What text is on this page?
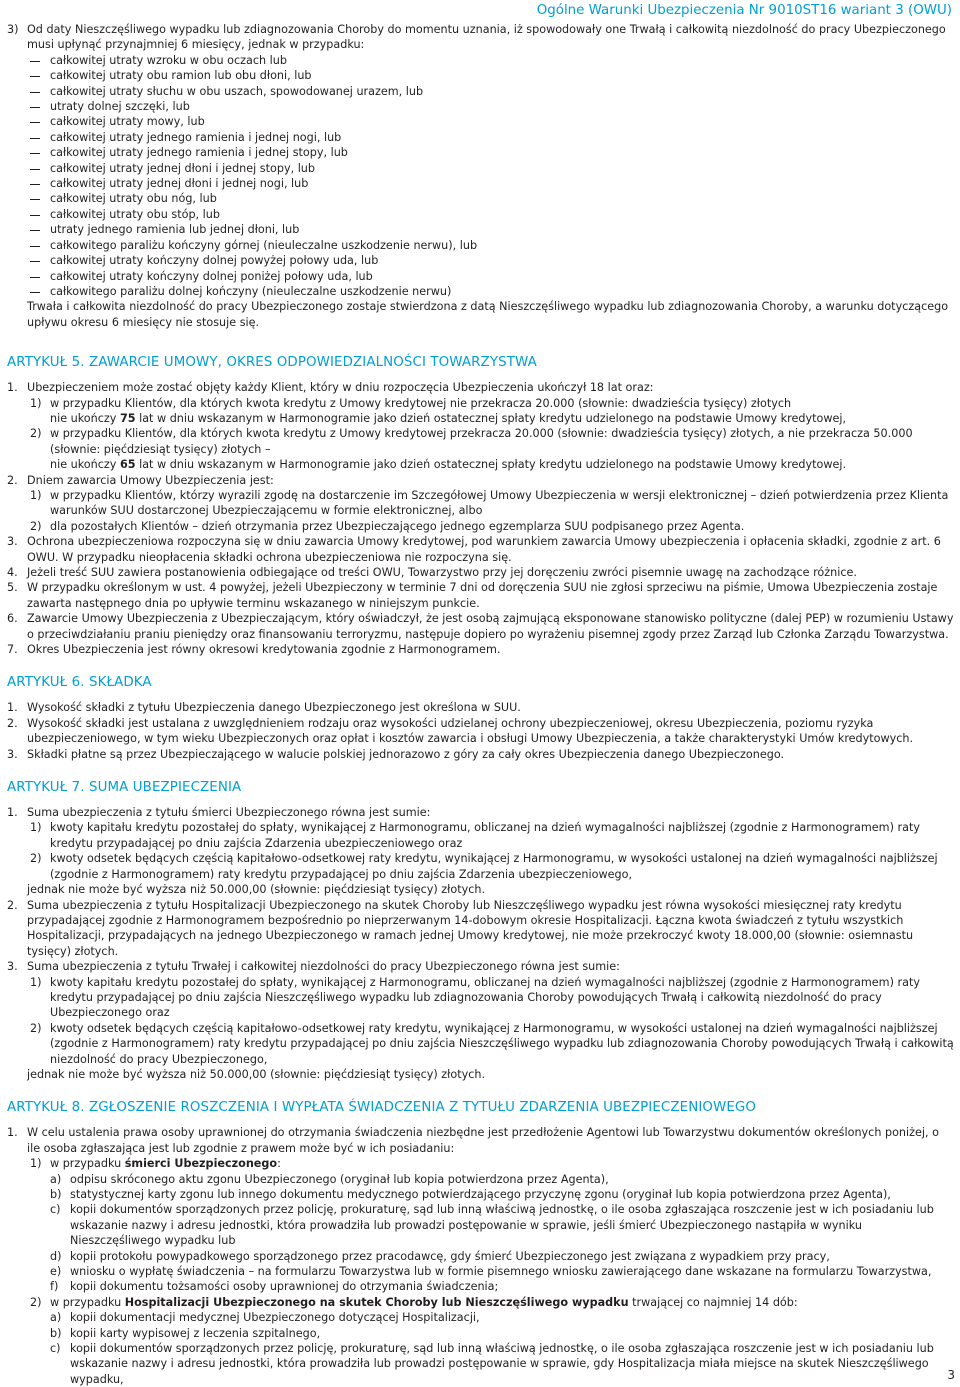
Ogólne Warunki Ubezpieczenia Nr 9010ST16 wariant 3 (OWU)
3) Od daty Nieszczęśliwego wypadku lub zdiagnozowania Choroby do momentu uznania, iż spowodowały one Trwałą i całkowitą niezdolność do pracy Ubezpieczonego musi upłynąć przynajmniej 6 miesięcy, jednak w przypadku:
całkowitej utraty wzroku w obu oczach lub
całkowitej utraty obu ramion lub obu dłoni, lub
całkowitej utraty słuchu w obu uszach, spowodowanej urazem, lub
utraty dolnej szczęki, lub
całkowitej utraty mowy, lub
całkowitej utraty jednego ramienia i jednej nogi, lub
całkowitej utraty jednego ramienia i jednej stopy, lub
całkowitej utraty jednej dłoni i jednej stopy, lub
całkowitej utraty jednej dłoni i jednej nogi, lub
całkowitej utraty obu nóg, lub
całkowitej utraty obu stóp, lub
utraty jednego ramienia lub jednej dłoni, lub
całkowitego paraliżu kończyny górnej (nieuleczalne uszkodzenie nerwu), lub
całkowitej utraty kończyny dolnej powyżej połowy uda, lub
całkowitej utraty kończyny dolnej poniżej połowy uda, lub
całkowitego paraliżu dolnej kończyny (nieuleczalne uszkodzenie nerwu)
Trwała i całkowita niezdolność do pracy Ubezpieczonego zostaje stwierdzona z datą Nieszczęśliwego wypadku lub zdiagnozowania Choroby, a warunku dotyczącego upływu okresu 6 miesięcy nie stosuje się.
ARTYKUŁ 5. ZAWARCIE UMOWY, OKRES ODPOWIEDZIALNOŚCI TOWARZYSTWA
1. Ubezpieczeniem może zostać objęty każdy Klient, który w dniu rozpoczęcia Ubezpieczenia ukończył 18 lat oraz:
1) w przypadku Klientów, dla których kwota kredytu z Umowy kredytowej nie przekracza 20.000 (słownie: dwadzieścia tysięcy) złotych
nie ukończy 75 lat w dniu wskazanym w Harmonogramie jako dzień ostatecznej spłaty kredytu udzielonego na podstawie Umowy kredytowej,
2) w przypadku Klientów, dla których kwota kredytu z Umowy kredytowej przekracza 20.000 (słownie: dwadzieścia tysięcy) złotych, a nie przekracza 50.000 (słownie: pięćdziesiąt tysięcy) złotych –
nie ukończy 65 lat w dniu wskazanym w Harmonogramie jako dzień ostatecznej spłaty kredytu udzielonego na podstawie Umowy kredytowej.
2. Dniem zawarcia Umowy Ubezpieczenia jest:
1) w przypadku Klientów, którzy wyrazili zgodę na dostarczenie im Szczegółowej Umowy Ubezpieczenia w wersji elektronicznej – dzień potwierdzenia przez Klienta warunków SUU dostarczonej Ubezpieczającemu w formie elektronicznej, albo
2) dla pozostałych Klientów – dzień otrzymania przez Ubezpieczającego jednego egzemplarza SUU podpisanego przez Agenta.
3. Ochrona ubezpieczeniowa rozpoczyna się w dniu zawarcia Umowy kredytowej, pod warunkiem zawarcia Umowy ubezpieczenia i opłacenia składki, zgodnie z art. 6 OWU. W przypadku nieopłacenia składki ochrona ubezpieczeniowa nie rozpoczyna się.
4. Jeżeli treść SUU zawiera postanowienia odbiegające od treści OWU, Towarzystwo przy jej doręczeniu zwróci pisemnie uwagę na zachodzące różnice.
5. W przypadku określonym w ust. 4 powyżej, jeżeli Ubezpieczony w terminie 7 dni od doręczenia SUU nie zgłosi sprzeciwu na piśmie, Umowa Ubezpieczenia zostaje zawarta następnego dnia po upływie terminu wskazanego w niniejszym punkcie.
6. Zawarcie Umowy Ubezpieczenia z Ubezpieczającym, który oświadczył, że jest osobą zajmującą eksponowane stanowisko polityczne (dalej PEP) w rozumieniu Ustawy o przeciwdziałaniu praniu pieniędzy oraz finansowaniu terroryzmu, następuje dopiero po wyrażeniu pisemnej zgody przez Zarząd lub Członka Zarządu Towarzystwa.
7. Okres Ubezpieczenia jest równy okresowi kredytowania zgodnie z Harmonogramem.
ARTYKUŁ 6. SKŁADKA
1. Wysokość składki z tytułu Ubezpieczenia danego Ubezpieczonego jest określona w SUU.
2. Wysokość składki jest ustalana z uwzględnieniem rodzaju oraz wysokości udzielanej ochrony ubezpieczeniowej, okresu Ubezpieczenia, poziomu ryzyka ubezpieczeniowego, w tym wieku Ubezpieczonych oraz opłat i kosztów zawarcia i obsługi Umowy Ubezpieczenia, a także charakterystyki Umów kredytowych.
3. Składki płatne są przez Ubezpieczającego w walucie polskiej jednorazowo z góry za cały okres Ubezpieczenia danego Ubezpieczonego.
ARTYKUŁ 7. SUMA UBEZPIECZENIA
1. Suma ubezpieczenia z tytułu śmierci Ubezpieczonego równa jest sumie:
1) kwoty kapitału kredytu pozostałej do spłaty, wynikającej z Harmonogramu, obliczanej na dzień wymagalności najbliższej (zgodnie z Harmonogramem) raty kredytu przypadającej po dniu zajścia Zdarzenia ubezpieczeniowego oraz
2) kwoty odsetek będących częścią kapitałowo-odsetkowej raty kredytu, wynikającej z Harmonogramu, w wysokości ustalonej na dzień wymagalności najbliższej (zgodnie z Harmonogramem) raty kredytu przypadającej po dniu zajścia Zdarzenia ubezpieczeniowego,
jednak nie może być wyższa niż 50.000,00 (słownie: pięćdziesiąt tysięcy) złotych.
2. Suma ubezpieczenia z tytułu Hospitalizacji Ubezpieczonego na skutek Choroby lub Nieszczęśliwego wypadku jest równa wysokości miesięcznej raty kredytu przypadającej zgodnie z Harmonogramem bezpośrednio po nieprzerwanym 14-dobowym okresie Hospitalizacji. Łączna kwota świadczeń z tytułu wszystkich Hospitalizacji, przypadających na jednego Ubezpieczonego w ramach jednej Umowy kredytowej, nie może przekroczyć kwoty 18.000,00 (słownie: osiemnastu tysięcy) złotych.
3. Suma ubezpieczenia z tytułu Trwałej i całkowitej niezdolności do pracy Ubezpieczonego równa jest sumie:
1) kwoty kapitału kredytu pozostałej do spłaty, wynikającej z Harmonogramu, obliczanej na dzień wymagalności najbliższej (zgodnie z Harmonogramem) raty kredytu przypadającej po dniu zajścia Nieszczęśliwego wypadku lub zdiagnozowania Choroby powodujących Trwałą i całkowitą niezdolność do pracy Ubezpieczonego oraz
2) kwoty odsetek będących częścią kapitałowo-odsetkowej raty kredytu, wynikającej z Harmonogramu, w wysokości ustalonej na dzień wymagalności najbliższej (zgodnie z Harmonogramem) raty kredytu przypadającej po dniu zajścia Nieszczęśliwego wypadku lub zdiagnozowania Choroby powodujących Trwałą i całkowitą niezdolność do pracy Ubezpieczonego,
jednak nie może być wyższa niż 50.000,00 (słownie: pięćdziesiąt tysięcy) złotych.
ARTYKUŁ 8. ZGŁOSZENIE ROSZCZENIA I WYPŁATA ŚWIADCZENIA Z TYTUŁU ZDARZENIA UBEZPIECZENIOWEGO
1. W celu ustalenia prawa osoby uprawnionej do otrzymania świadczenia niezbędne jest przedłożenie Agentowi lub Towarzystwu dokumentów określonych poniżej, o ile osoba zgłaszająca jest lub zgodnie z prawem może być w ich posiadaniu:
1) w przypadku śmierci Ubezpieczonego:
a) odpisu skróconego aktu zgonu Ubezpieczonego (oryginał lub kopia potwierdzona przez Agenta),
b) statystycznej karty zgonu lub innego dokumentu medycznego potwierdzającego przyczynę zgonu (oryginał lub kopia potwierdzona przez Agenta),
c) kopii dokumentów sporządzonych przez policję, prokuraturę, sąd lub inną właściwą jednostkę, o ile osoba zgłaszająca roszczenie jest w ich posiadaniu lub wskazanie nazwy i adresu jednostki, która prowadziła lub prowadzi postępowanie w sprawie, jeśli śmierć Ubezpieczonego nastąpiła w wyniku Nieszczęśliwego wypadku lub
d) kopii protokołu powypadkowego sporządzonego przez pracodawcę, gdy śmierć Ubezpieczonego jest związana z wypadkiem przy pracy,
e) wniosku o wypłatę świadczenia – na formularzu Towarzystwa lub w formie pisemnego wniosku zawierającego dane wskazane na formularzu Towarzystwa,
f) kopii dokumentu tożsamości osoby uprawnionej do otrzymania świadczenia;
2) w przypadku Hospitalizacji Ubezpieczonego na skutek Choroby lub Nieszczęśliwego wypadku trwającej co najmniej 14 dób:
a) kopii dokumentacji medycznej Ubezpieczonego dotyczącej Hospitalizacji,
b) kopii karty wypisowej z leczenia szpitalnego,
c) kopii dokumentów sporządzonych przez policję, prokuraturę, sąd lub inną właściwą jednostkę, o ile osoba zgłaszająca roszczenie jest w ich posiadaniu lub wskazanie nazwy i adresu jednostki, która prowadziła lub prowadzi postępowanie w sprawie, gdy Hospitalizacja miała miejsce na skutek Nieszczęśliwego wypadku,	3
